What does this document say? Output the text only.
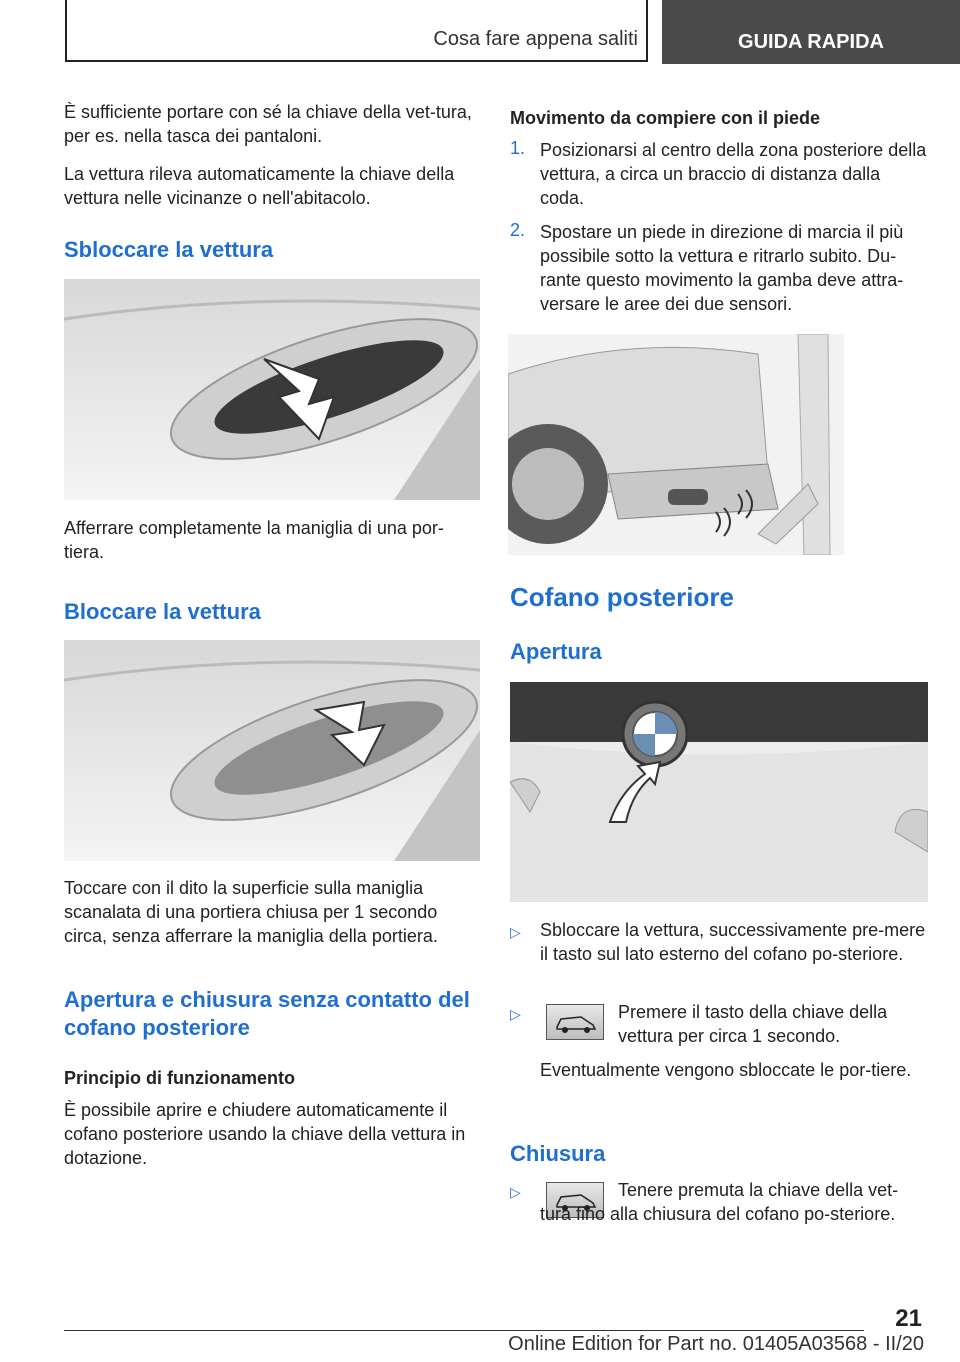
Cosa fare appena saliti	GUIDA RAPIDA

È sufficiente portare con sé la chiave della vet-tura, per es. nella tasca dei pantaloni.

La vettura rileva automaticamente la chiave della vettura nelle vicinanze o nell'abitacolo.

Sbloccare la vettura

Afferrare completamente la maniglia di una por-tiera.

Bloccare la vettura

Toccare con il dito la superficie sulla maniglia scanalata di una portiera chiusa per 1 secondo circa, senza afferrare la maniglia della portiera.

Apertura e chiusura senza contatto del cofano posteriore

Principio di funzionamento

È possibile aprire e chiudere automaticamente il cofano posteriore usando la chiave della vettura in dotazione.

Movimento da compiere con il piede

1. Posizionarsi al centro della zona posteriore della vettura, a circa un braccio di distanza dalla coda.
2. Spostare un piede in direzione di marcia il più possibile sotto la vettura e ritrarlo subito. Du-rante questo movimento la gamba deve attra-versare le aree dei due sensori.

Cofano posteriore

Apertura

▷ Sbloccare la vettura, successivamente pre-mere il tasto sul lato esterno del cofano po-steriore.

▷	Premere il tasto della chiave della vettura per circa 1 secondo.

Eventualmente vengono sbloccate le por-tiere.

Chiusura

▷	Tenere premuta la chiave della vet-tura fino alla chiusura del cofano po-steriore.

21
Online Edition for Part no. 01405A03568 - II/20
